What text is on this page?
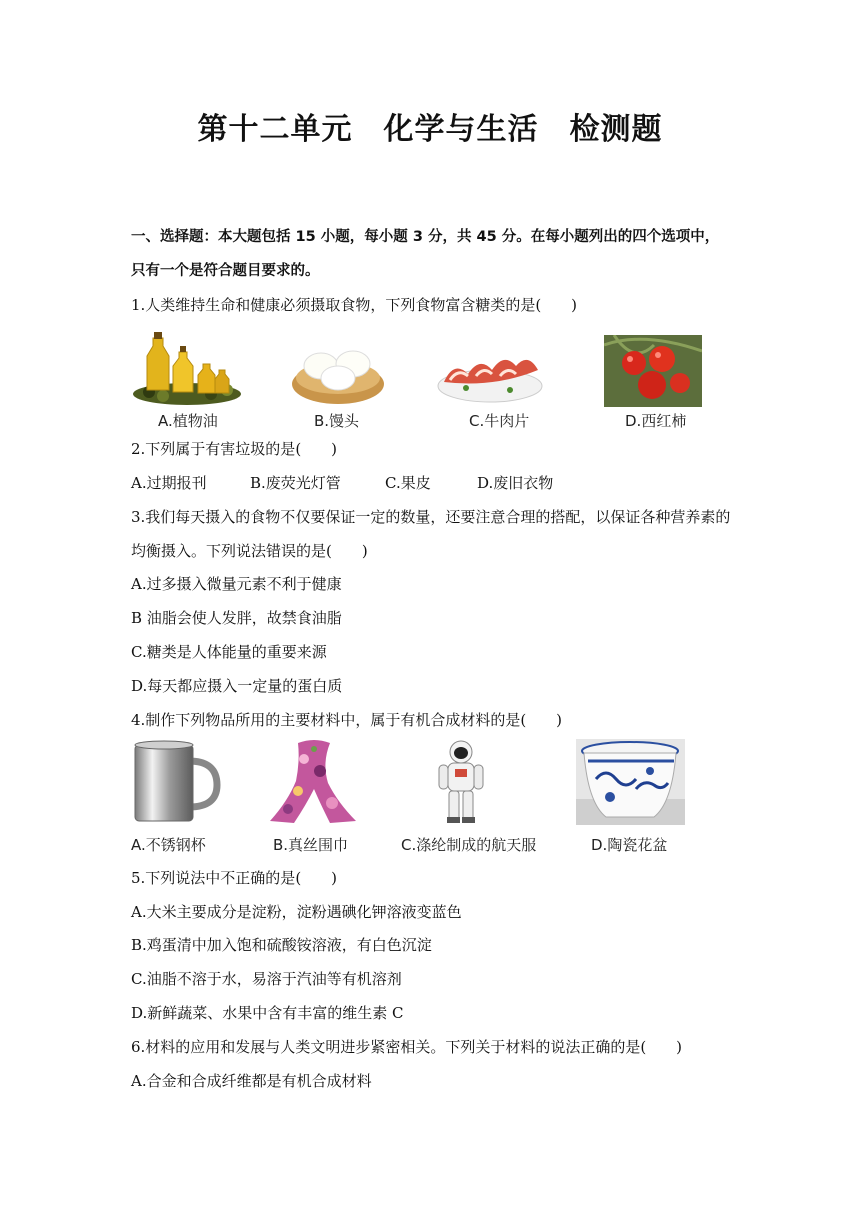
第十二单元　化学与生活　检测题
一、选择题：本大题包括 15 小题，每小题 3 分，共 45 分。在每小题列出的四个选项中，
只有一个是符合题目要求的。
1.人类维持生命和健康必须摄取食物，下列食物富含糖类的是(　　)
A.植物油	B.馒头	C.牛肉片	D.西红柿
2.下列属于有害垃圾的是(　　)
A.过期报刊	B.废荧光灯管	C.果皮	D.废旧衣物
3.我们每天摄入的食物不仅要保证一定的数量，还要注意合理的搭配，以保证各种营养素的
均衡摄入。下列说法错误的是(　　)
A.过多摄入微量元素不利于健康
B 油脂会使人发胖，故禁食油脂
C.糖类是人体能量的重要来源
D.每天都应摄入一定量的蛋白质
4.制作下列物品所用的主要材料中，属于有机合成材料的是(　　)
A.不锈钢杯	B.真丝围巾	C.涤纶制成的航天服	D.陶瓷花盆
5.下列说法中不正确的是(　　)
A.大米主要成分是淀粉，淀粉遇碘化钾溶液变蓝色
B.鸡蛋清中加入饱和硫酸铵溶液，有白色沉淀
C.油脂不溶于水，易溶于汽油等有机溶剂
D.新鲜蔬菜、水果中含有丰富的维生素 C
6.材料的应用和发展与人类文明进步紧密相关。下列关于材料的说法正确的是(　　)
A.合金和合成纤维都是有机合成材料
